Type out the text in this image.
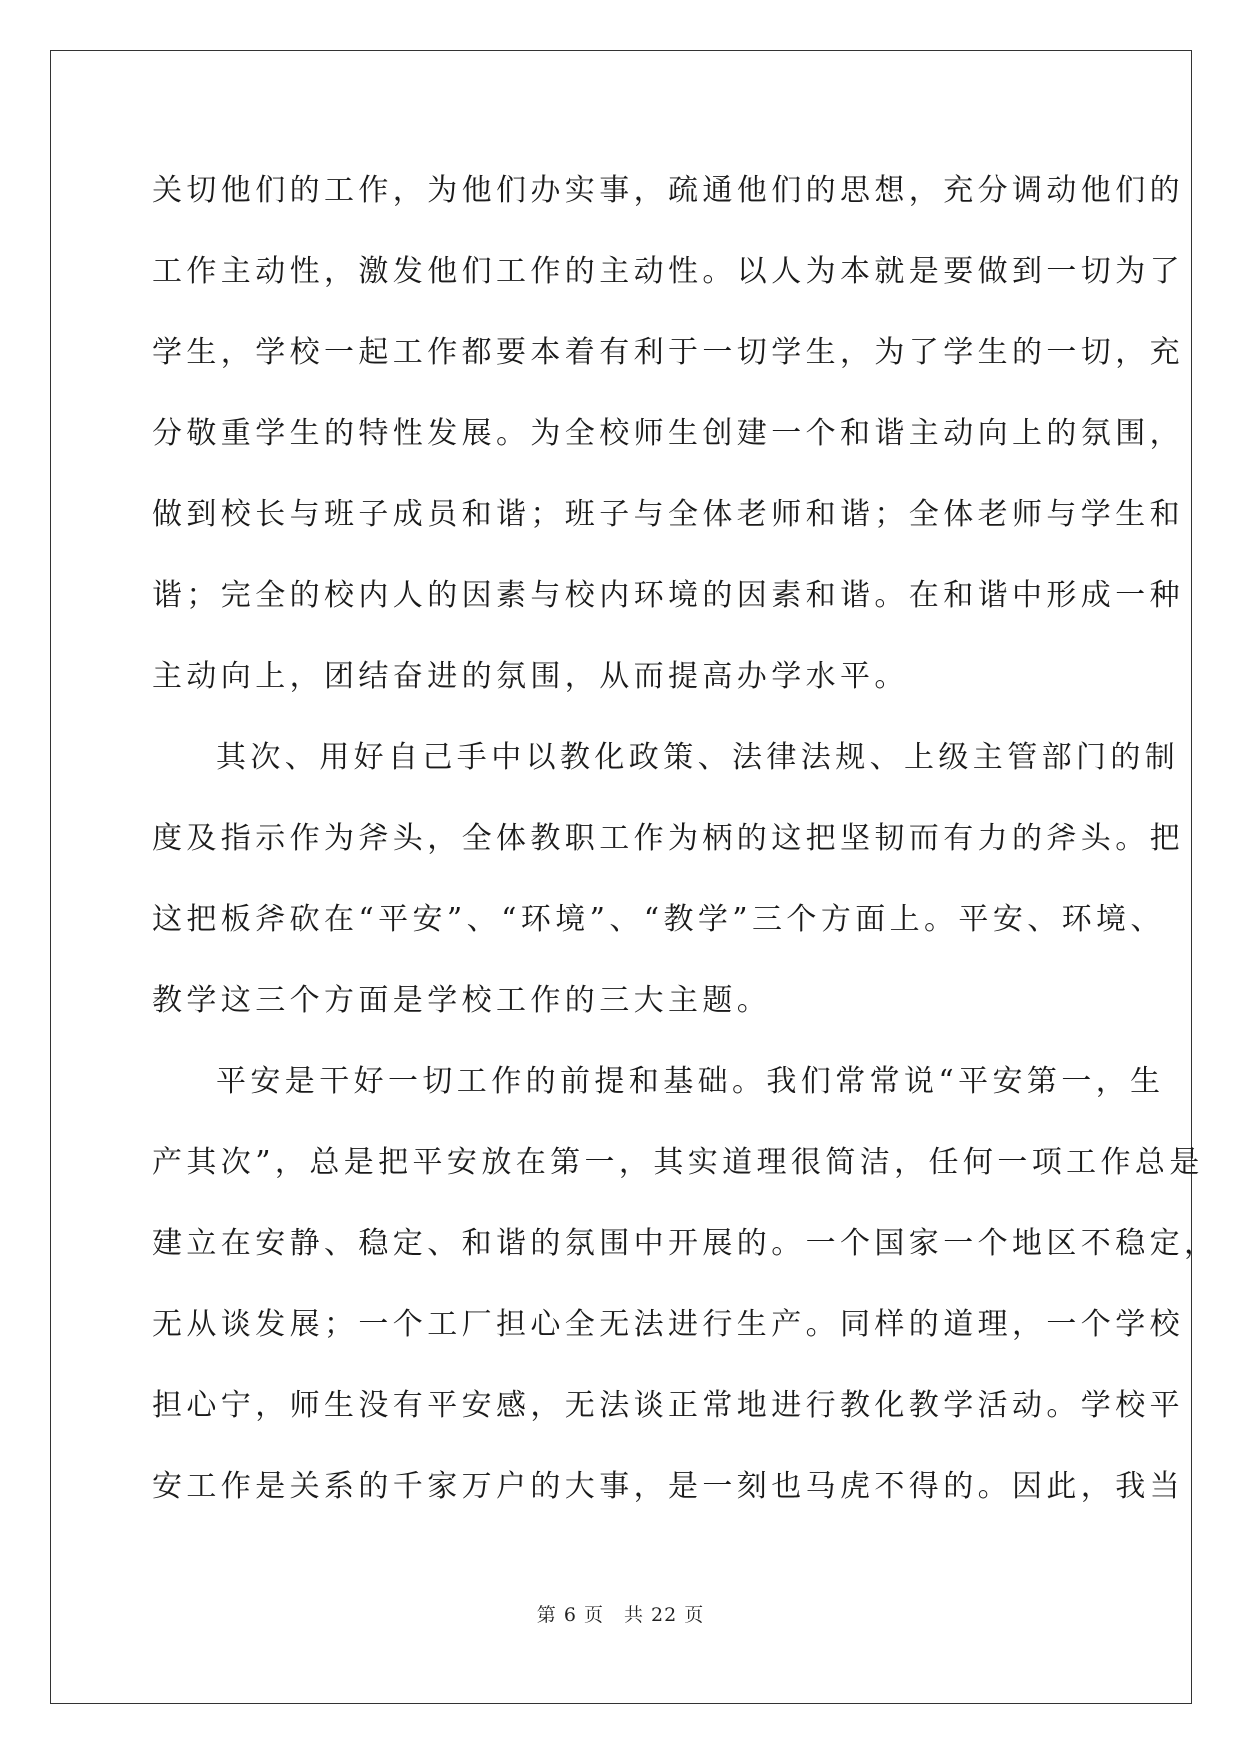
关切他们的工作，为他们办实事，疏通他们的思想，充分调动他们的
工作主动性，激发他们工作的主动性。以人为本就是要做到一切为了
学生，学校一起工作都要本着有利于一切学生，为了学生的一切，充
分敬重学生的特性发展。为全校师生创建一个和谐主动向上的氛围，
做到校长与班子成员和谐；班子与全体老师和谐；全体老师与学生和
谐；完全的校内人的因素与校内环境的因素和谐。在和谐中形成一种
主动向上，团结奋进的氛围，从而提高办学水平。
其次、用好自己手中以教化政策、法律法规、上级主管部门的制
度及指示作为斧头，全体教职工作为柄的这把坚韧而有力的斧头。把
这把板斧砍在“平安”、“环境”、“教学”三个方面上。平安、环境、
教学这三个方面是学校工作的三大主题。
平安是干好一切工作的前提和基础。我们常常说“平安第一，生
产其次”，总是把平安放在第一，其实道理很简洁，任何一项工作总是
建立在安静、稳定、和谐的氛围中开展的。一个国家一个地区不稳定，
无从谈发展；一个工厂担心全无法进行生产。同样的道理，一个学校
担心宁，师生没有平安感，无法谈正常地进行教化教学活动。学校平
安工作是关系的千家万户的大事，是一刻也马虎不得的。因此，我当
第 6 页　共 22 页
